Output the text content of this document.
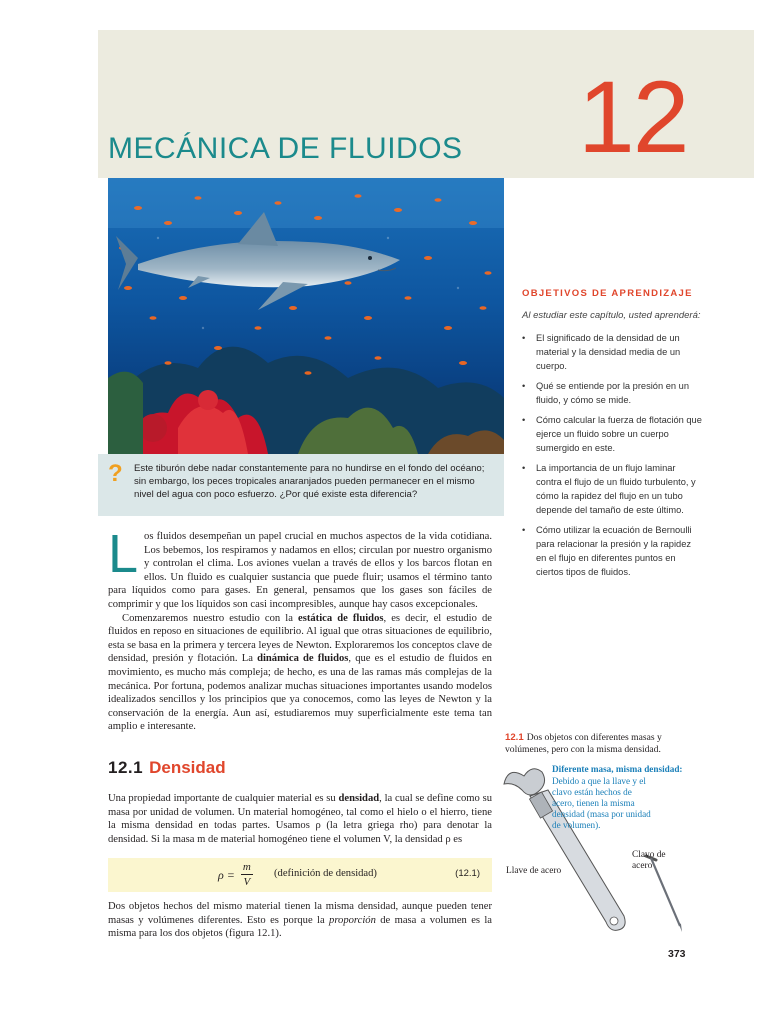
MECÁNICA DE FLUIDOS 12
? Este tiburón debe nadar constantemente para no hundirse en el fondo del océano; sin embargo, los peces tropicales anaranjados pueden permanecer en el mismo nivel del agua con poco esfuerzo. ¿Por qué existe esta diferencia?
OBJETIVOS DE APRENDIZAJE
Al estudiar este capítulo, usted aprenderá:
• El significado de la densidad de un material y la densidad media de un cuerpo.
• Qué se entiende por la presión en un fluido, y cómo se mide.
• Cómo calcular la fuerza de flotación que ejerce un fluido sobre un cuerpo sumergido en este.
• La importancia de un flujo laminar contra el flujo de un fluido turbulento, y cómo la rapidez del flujo en un tubo depende del tamaño de este último.
• Cómo utilizar la ecuación de Bernoulli para relacionar la presión y la rapidez en el flujo en diferentes puntos en ciertos tipos de fluidos.

Los fluidos desempeñan un papel crucial en muchos aspectos de la vida cotidiana. Los bebemos, los respiramos y nadamos en ellos; circulan por nuestro organismo y controlan el clima. Los aviones vuelan a través de ellos y los barcos flotan en ellos. Un fluido es cualquier sustancia que puede fluir; usamos el término tanto para líquidos como para gases. En general, pensamos que los gases son fáciles de comprimir y que los líquidos son casi incompresibles, aunque hay casos excepcionales.

Comenzaremos nuestro estudio con la estática de fluidos, es decir, el estudio de fluidos en reposo en situaciones de equilibrio. Al igual que otras situaciones de equilibrio, esta se basa en la primera y tercera leyes de Newton. Exploraremos los conceptos clave de densidad, presión y flotación. La dinámica de fluidos, que es el estudio de fluidos en movimiento, es mucho más compleja; de hecho, es una de las ramas más complejas de la mecánica. Por fortuna, podemos analizar muchas situaciones importantes usando modelos idealizados sencillos y los principios que ya conocemos, como las leyes de Newton y la conservación de la energía. Aun así, estudiaremos muy superficialmente este tema tan amplio e interesante.

12.1 Densidad

Una propiedad importante de cualquier material es su densidad, la cual se define como su masa por unidad de volumen. Un material homogéneo, tal como el hielo o el hierro, tiene la misma densidad en todas partes. Usamos ρ (la letra griega rho) para denotar la densidad. Si la masa m de material homogéneo tiene el volumen V, la densidad ρ es

$\rho = \frac{m}{V}$ (definición de densidad)	(12.1)

Dos objetos hechos del mismo material tienen la misma densidad, aunque pueden tener masas y volúmenes diferentes. Esto es porque la proporción de masa a volumen es la misma para los dos objetos (figura 12.1).

12.1 Dos objetos con diferentes masas y volúmenes, pero con la misma densidad.
Diferente masa, misma densidad:
Debido a que la llave y el clavo están hechos de acero, tienen la misma densidad (masa por unidad de volumen).
Llave de acero
Clavo de acero
373
